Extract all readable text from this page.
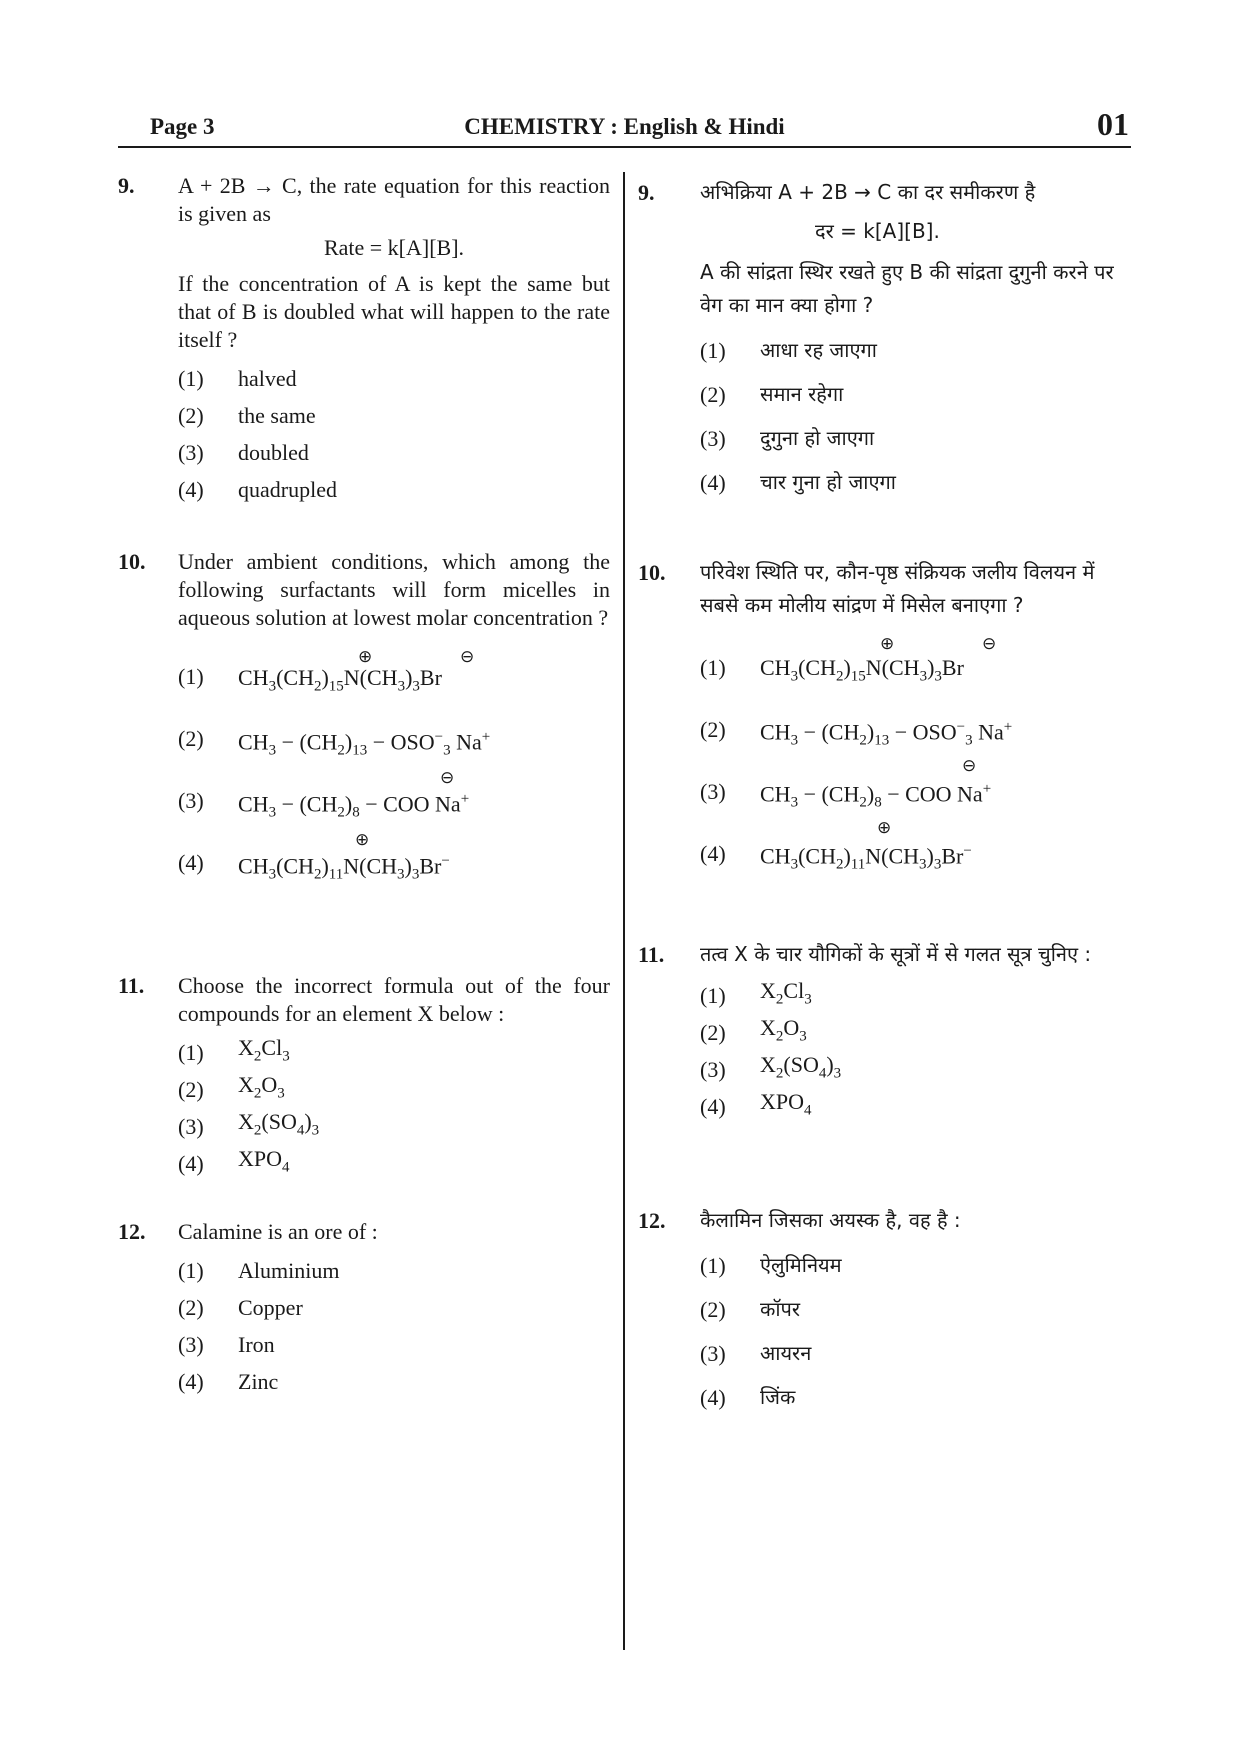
Page 3	CHEMISTRY : English & Hindi	01
9. A + 2B → C, the rate equation for this reaction is given as
Rate = k[A][B].
If the concentration of A is kept the same but that of B is doubled what will happen to the rate itself ?
(1)	halved
(2)	the same
(3)	doubled
(4)	quadrupled
10. Under ambient conditions, which among the following surfactants will form micelles in aqueous solution at lowest molar concentration ?
(1)	$CH_3(CH_2)_{15}N(CH_3)_3Br$
⊕	⊖
(2)	$CH_3 - (CH_2)_{13} - OSO^-_3$ Na+
(3)	$CH_3 - (CH_2)_8$ − COO Na+
⊖
(4)	$CH_3(CH_2)_{11}N(CH_3)_3Br^-$
⊕
11. Choose the incorrect formula out of the four compounds for an element X below :
(1)	$X_2Cl_3$
(2)	$X_2O_3$
(3)	$X_2(SO_4)_3$
(4)	$XPO_4$
12. Calamine is an ore of :
(1)	Aluminium
(2)	Copper
(3)	Iron
(4)	Zinc
9. अभिक्रिया A + 2B → C का दर समीकरण है
दर = k[A][B].
A की सांद्रता स्थिर रखते हुए B की सांद्रता दुगुनी करने पर वेग का मान क्या होगा ?
(1)	आधा रह जाएगा
(2)	समान रहेगा
(3)	दुगुना हो जाएगा
(4)	चार गुना हो जाएगा
10. परिवेश स्थिति पर, कौन-पृष्ठ संक्रियक जलीय विलयन में सबसे कम मोलीय सांद्रण में मिसेल बनाएगा ?
(1)	$CH_3(CH_2)_{15}N(CH_3)_3Br$
⊕	⊖
(2)	$CH_3 - (CH_2)_{13} - OSO^-_3$ Na+
(3)	$CH_3 - (CH_2)_8$ − COO Na+
⊖
(4)	$CH_3(CH_2)_{11}N(CH_3)_3Br^-$
⊕
11. तत्व X के चार यौगिकों के सूत्रों में से गलत सूत्र चुनिए :
(1)	$X_2Cl_3$
(2)	$X_2O_3$
(3)	$X_2(SO_4)_3$
(4)	$XPO_4$
12. कैलामिन जिसका अयस्क है, वह है :
(1)	ऐलुमिनियम
(2)	कॉपर
(3)	आयरन
(4)	जिंक
